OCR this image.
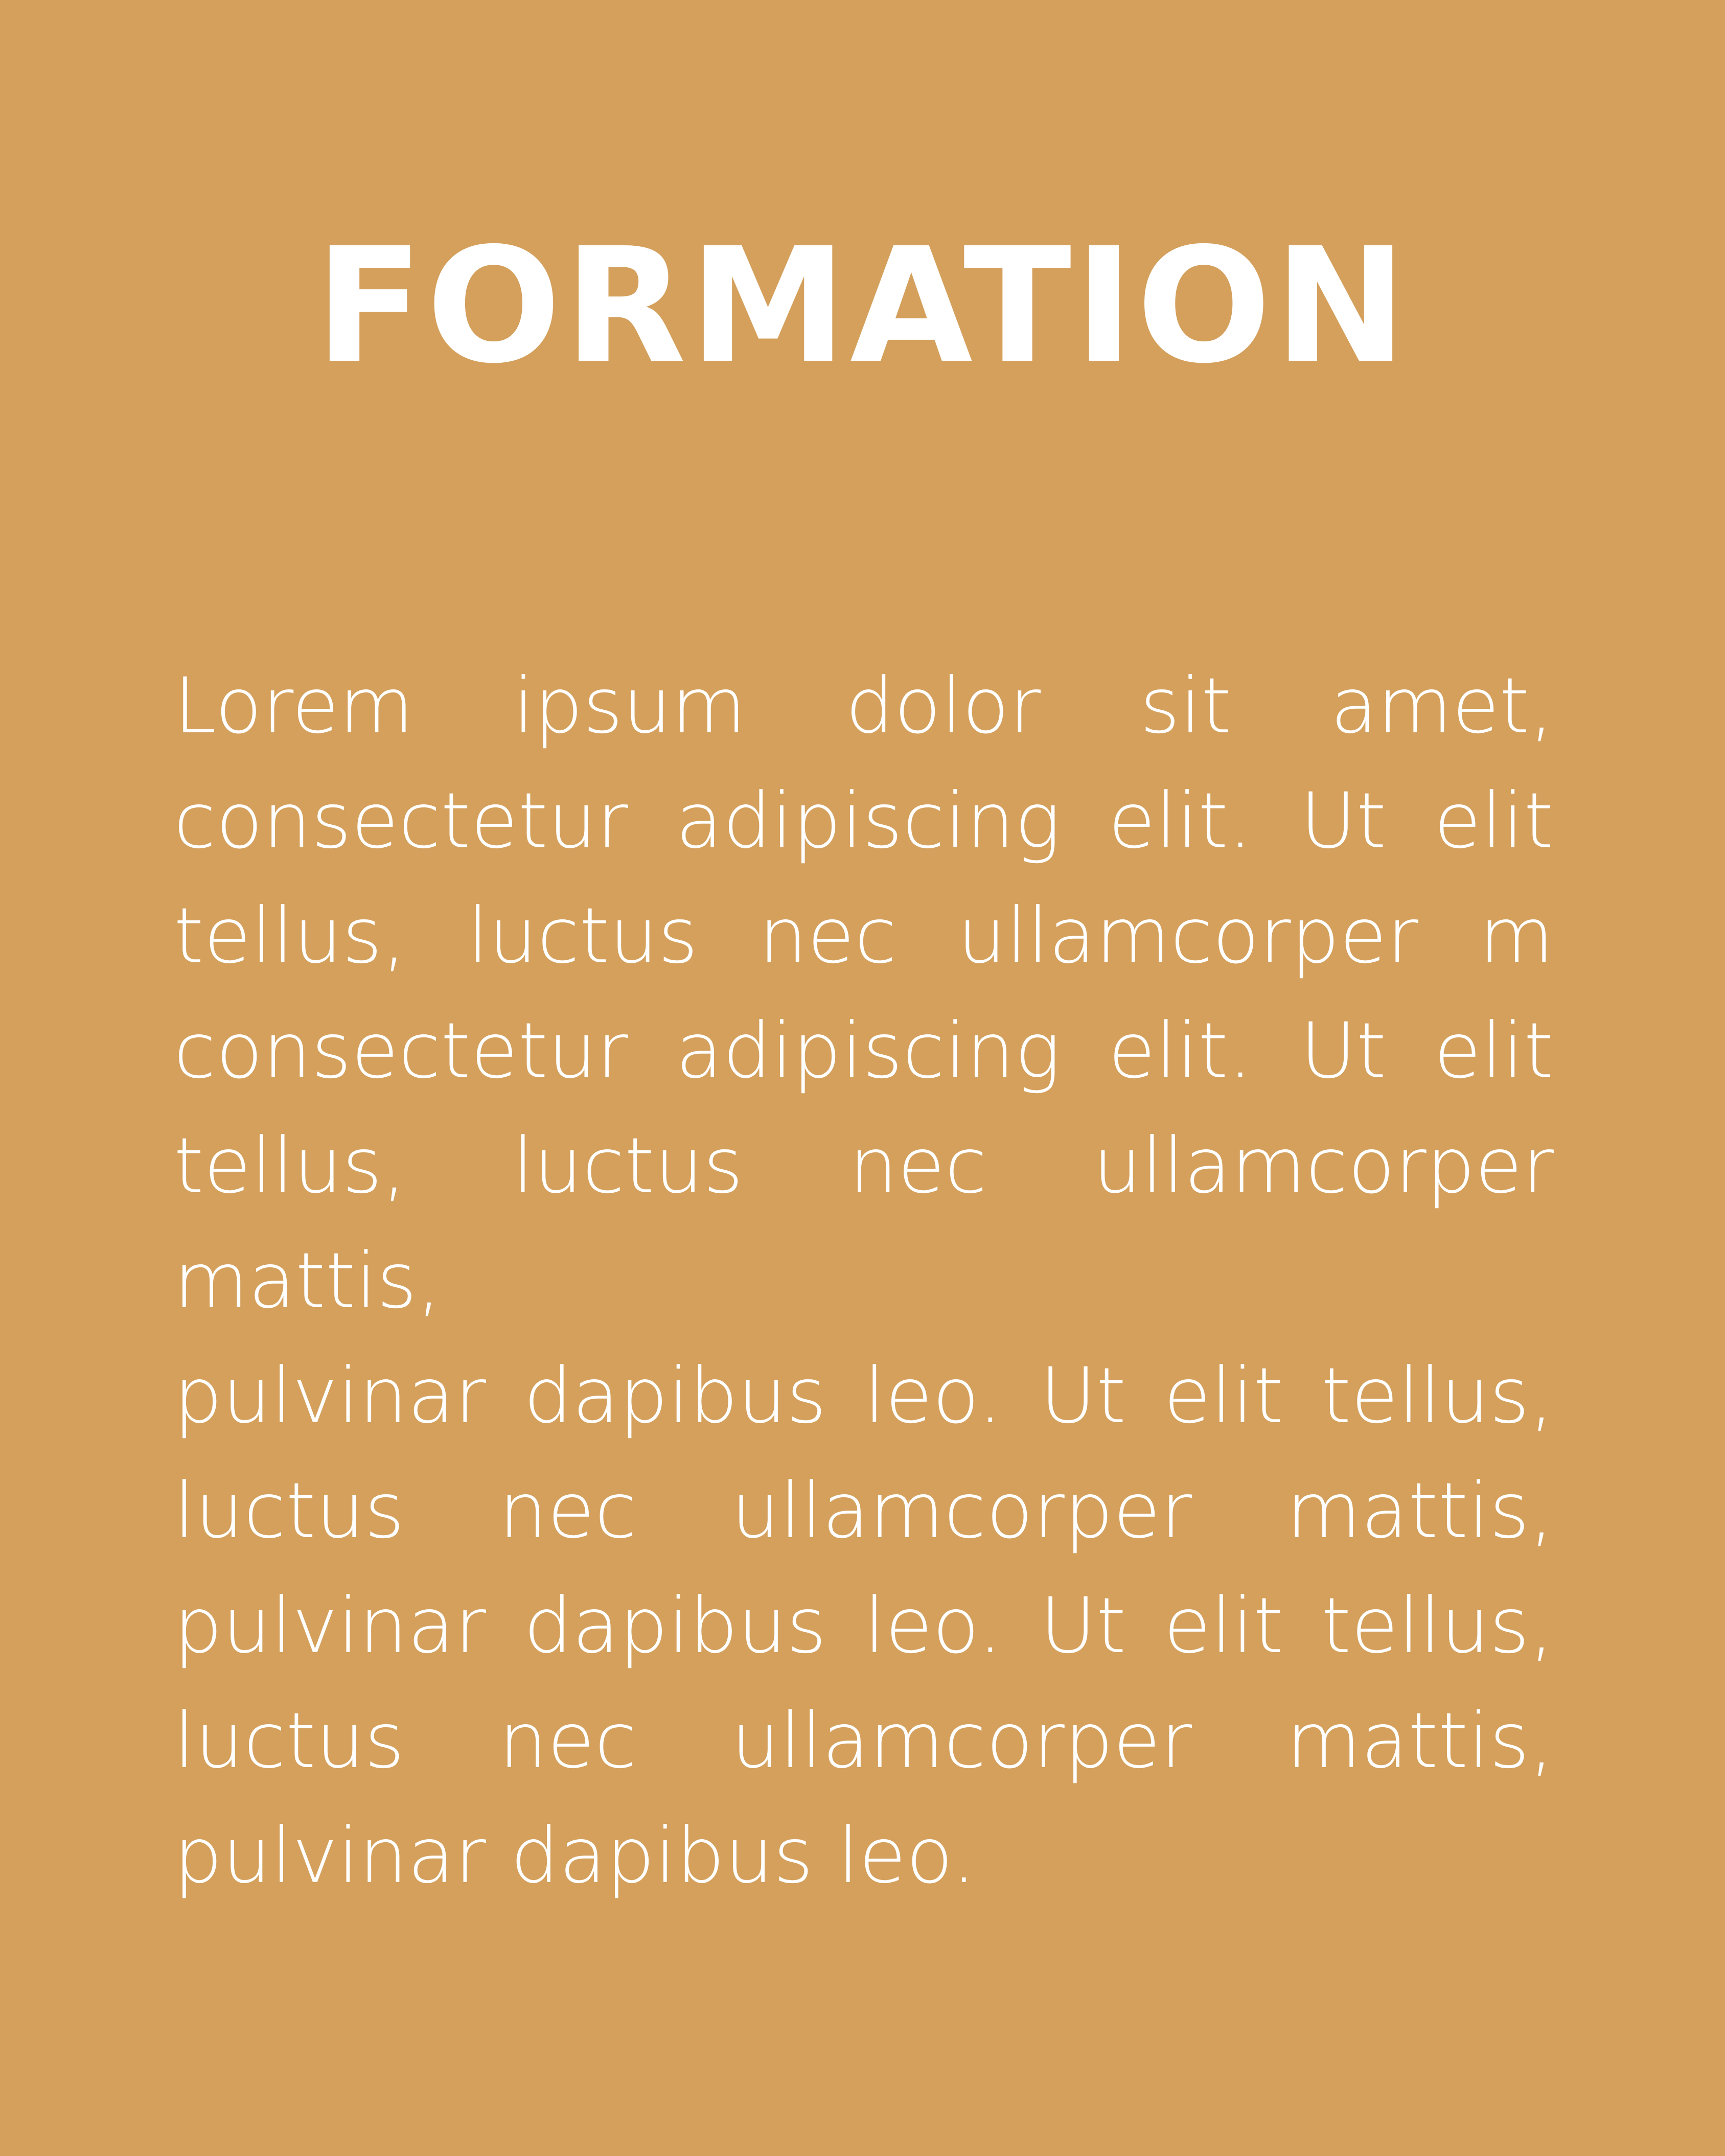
FORMATION

Lorem ipsum dolor sit amet,
consectetur adipiscing elit. Ut elit
tellus, luctus nec ullamcorper m
consectetur adipiscing elit. Ut elit
tellus, luctus nec ullamcorper mattis,
pulvinar dapibus leo. Ut elit tellus,
luctus nec ullamcorper mattis,
pulvinar dapibus leo. Ut elit tellus,
luctus nec ullamcorper mattis,
pulvinar dapibus leo.
